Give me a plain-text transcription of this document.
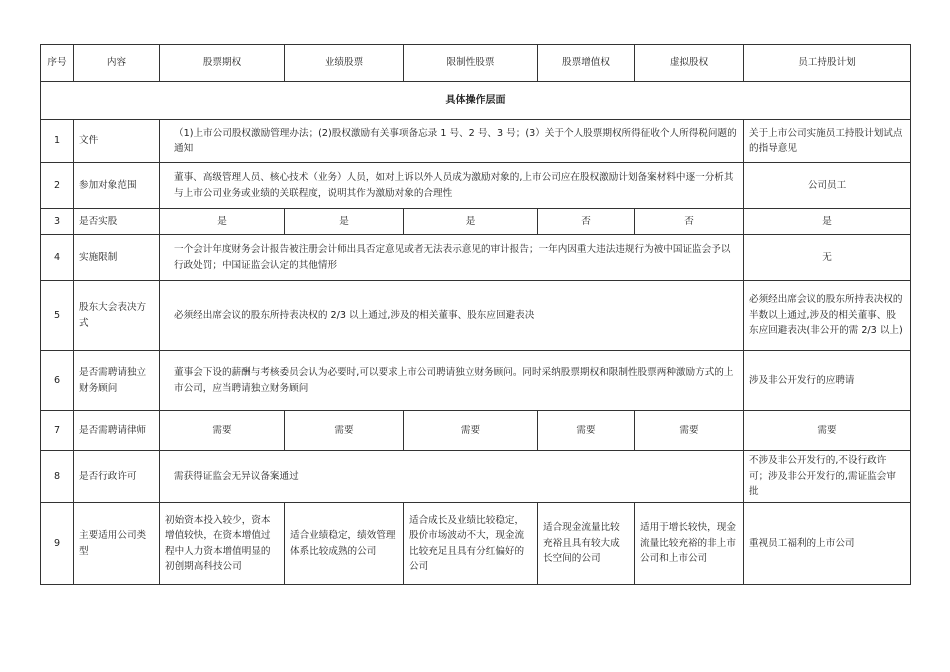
序号	内容	股票期权	业绩股票	限制性股票	股票增值权	虚拟股权	员工持股计划
具体操作层面							
1	文件	（1)上市公司股权激励管理办法；(2)股权激励有关事项备忘录 1 号、2 号、3 号；(3）关于个人股票期权所得征收个人所得税问题的通知					关于上市公司实施员工持股计划试点的指导意见
2	参加对象范围	董事、高级管理人员、核心技术（业务）人员，如对上诉以外人员成为激励对象的,上市公司应在股权激励计划备案材料中逐一分析其与上市公司业务或业绩的关联程度，说明其作为激励对象的合理性					公司员工
3	是否实股	是	是	是	否	否	是
4	实施限制	一个会计年度财务会计报告被注册会计师出具否定意见或者无法表示意见的审计报告；一年内因重大违法违规行为被中国证监会予以行政处罚；中国证监会认定的其他情形					无
5	股东大会表决方式	必须经出席会议的股东所持表决权的 2/3 以上通过,涉及的相关董事、股东应回避表决					必须经出席会议的股东所持表决权的半数以上通过,涉及的相关董事、股东应回避表决(非公开的需 2/3 以上)
6	是否需聘请独立财务顾问	董事会下设的薪酬与考核委员会认为必要时,可以要求上市公司聘请独立财务顾问。同时采纳股票期权和限制性股票两种激励方式的上市公司，应当聘请独立财务顾问					涉及非公开发行的应聘请
7	是否需聘请律师	需要	需要	需要	需要	需要	需要
8	是否行政许可	需获得证监会无异议备案通过					不涉及非公开发行的,不设行政许可；涉及非公开发行的,需证监会审批
9	主要适用公司类型	初始资本投入较少，资本增值较快，在资本增值过程中人力资本增值明显的初创期高科技公司	适合业绩稳定，绩效管理体系比较成熟的公司	适合成长及业绩比较稳定，股价市场波动不大，现金流比较充足且具有分红偏好的公司	适合现金流量比较充裕且具有较大成长空间的公司	适用于增长较快，现金流量比较充裕的非上市公司和上市公司	重视员工福利的上市公司
